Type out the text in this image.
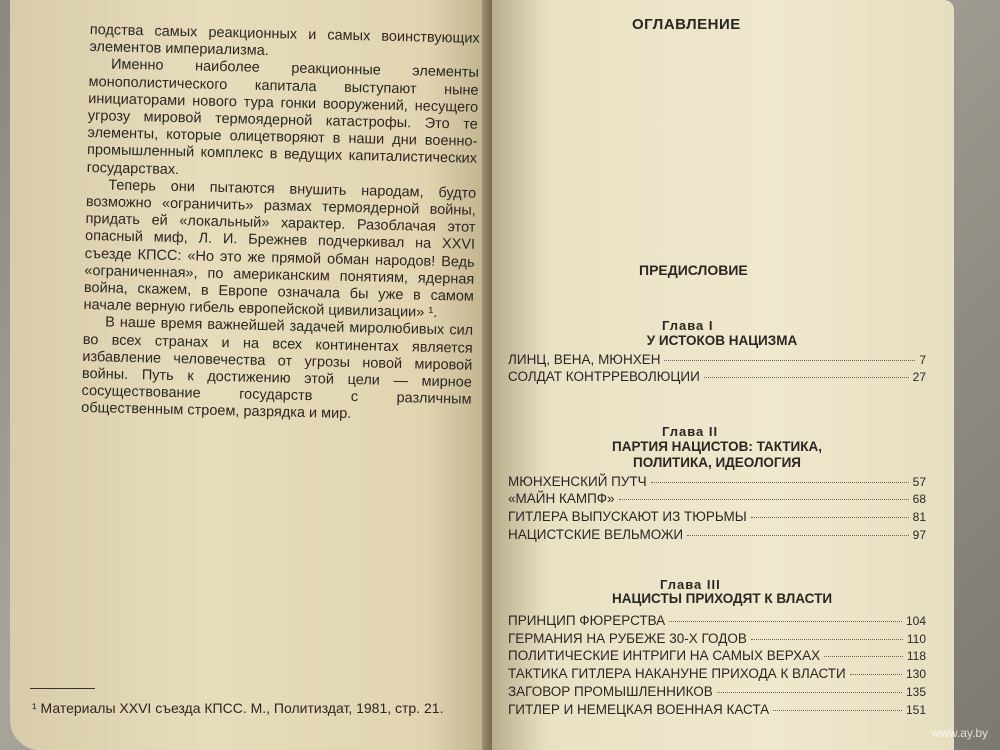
подства самых реакционных и самых воинствующих элементов империализма.

Именно наиболее реакционные элементы монополистического капитала выступают ныне инициаторами нового тура гонки вооружений, несущего угрозу мировой термоядерной катастрофы. Это те элементы, которые олицетворяют в наши дни военно-промышленный комплекс в ведущих капиталистических государствах.

Теперь они пытаются внушить народам, будто возможно «ограничить» размах термоядерной войны, придать ей «локальный» характер. Разоблачая этот опасный миф, Л. И. Брежнев подчеркивал на XXVI съезде КПСС: «Но это же прямой обман народов! Ведь «ограниченная», по американским понятиям, ядерная война, скажем, в Европе означала бы уже в самом начале верную гибель европейской цивилизации» ¹.

В наше время важнейшей задачей миролюбивых сил во всех странах и на всех континентах является избавление человечества от угрозы новой мировой войны. Путь к достижению этой цели — мирное сосуществование государств с различным общественным строем, разрядка и мир.

¹ Материалы XXVI съезда КПСС. М., Политиздат, 1981, стр. 21.
ОГЛАВЛЕНИЕ
ПРЕДИСЛОВИЕ
Глава I
У ИСТОКОВ НАЦИЗМА
ЛИНЦ, ВЕНА, МЮНХЕН	7
СОЛДАТ КОНТРРЕВОЛЮЦИИ	27
Глава II
ПАРТИЯ НАЦИСТОВ: ТАКТИКА, ПОЛИТИКА, ИДЕОЛОГИЯ
МЮНХЕНСКИЙ ПУТЧ	57
«МАЙН КАМПФ»	68
ГИТЛЕРА ВЫПУСКАЮТ ИЗ ТЮРЬМЫ	81
НАЦИСТСКИЕ ВЕЛЬМОЖИ	97
Глава III
НАЦИСТЫ ПРИХОДЯТ К ВЛАСТИ
ПРИНЦИП ФЮРЕРСТВА	104
ГЕРМАНИЯ НА РУБЕЖЕ 30-Х ГОДОВ	110
ПОЛИТИЧЕСКИЕ ИНТРИГИ НА САМЫХ ВЕРХАХ	118
ТАКТИКА ГИТЛЕРА НАКАНУНЕ ПРИХОДА К ВЛАСТИ	130
ЗАГОВОР ПРОМЫШЛЕННИКОВ	135
ГИТЛЕР И НЕМЕЦКАЯ ВОЕННАЯ КАСТА	151
www.ay.by
